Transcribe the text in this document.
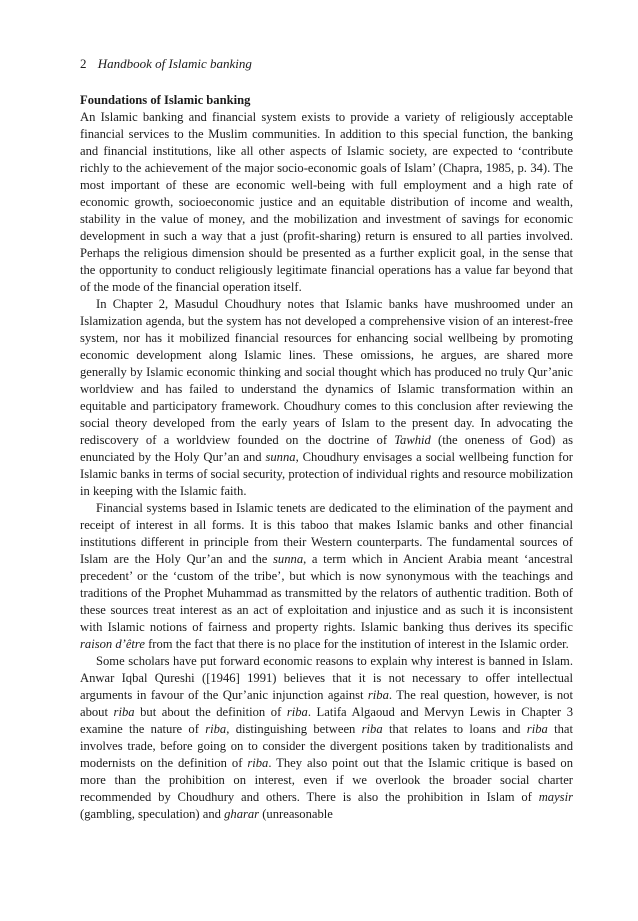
2 Handbook of Islamic banking
Foundations of Islamic banking

An Islamic banking and financial system exists to provide a variety of religiously acceptable financial services to the Muslim communities. In addition to this special function, the banking and financial institutions, like all other aspects of Islamic society, are expected to ‘contribute richly to the achievement of the major socio-economic goals of Islam’ (Chapra, 1985, p. 34). The most important of these are economic well-being with full employment and a high rate of economic growth, socioeconomic justice and an equitable distribution of income and wealth, stability in the value of money, and the mobilization and investment of savings for economic development in such a way that a just (profit-sharing) return is ensured to all parties involved. Perhaps the religious dimension should be presented as a further explicit goal, in the sense that the opportunity to conduct religiously legitimate financial operations has a value far beyond that of the mode of the financial operation itself.

In Chapter 2, Masudul Choudhury notes that Islamic banks have mushroomed under an Islamization agenda, but the system has not developed a comprehensive vision of an interest-free system, nor has it mobilized financial resources for enhancing social wellbeing by promoting economic development along Islamic lines. These omissions, he argues, are shared more generally by Islamic economic thinking and social thought which has produced no truly Qur’anic worldview and has failed to understand the dynamics of Islamic transformation within an equitable and participatory framework. Choudhury comes to this conclusion after reviewing the social theory developed from the early years of Islam to the present day. In advocating the rediscovery of a worldview founded on the doctrine of Tawhid (the oneness of God) as enunciated by the Holy Qur’an and sunna, Choudhury envisages a social wellbeing function for Islamic banks in terms of social security, protection of individual rights and resource mobilization in keeping with the Islamic faith.

Financial systems based in Islamic tenets are dedicated to the elimination of the payment and receipt of interest in all forms. It is this taboo that makes Islamic banks and other financial institutions different in principle from their Western counterparts. The fundamental sources of Islam are the Holy Qur’an and the sunna, a term which in Ancient Arabia meant ‘ancestral precedent’ or the ‘custom of the tribe’, but which is now synonymous with the teachings and traditions of the Prophet Muhammad as transmitted by the relators of authentic tradition. Both of these sources treat interest as an act of exploitation and injustice and as such it is inconsistent with Islamic notions of fairness and property rights. Islamic banking thus derives its specific raison d’être from the fact that there is no place for the institution of interest in the Islamic order.

Some scholars have put forward economic reasons to explain why interest is banned in Islam. Anwar Iqbal Qureshi ([1946] 1991) believes that it is not necessary to offer intellectual arguments in favour of the Qur’anic injunction against riba. The real question, however, is not about riba but about the definition of riba. Latifa Algaoud and Mervyn Lewis in Chapter 3 examine the nature of riba, distinguishing between riba that relates to loans and riba that involves trade, before going on to consider the divergent positions taken by traditionalists and modernists on the definition of riba. They also point out that the Islamic critique is based on more than the prohibition on interest, even if we overlook the broader social charter recommended by Choudhury and others. There is also the prohibition in Islam of maysir (gambling, speculation) and gharar (unreasonable
